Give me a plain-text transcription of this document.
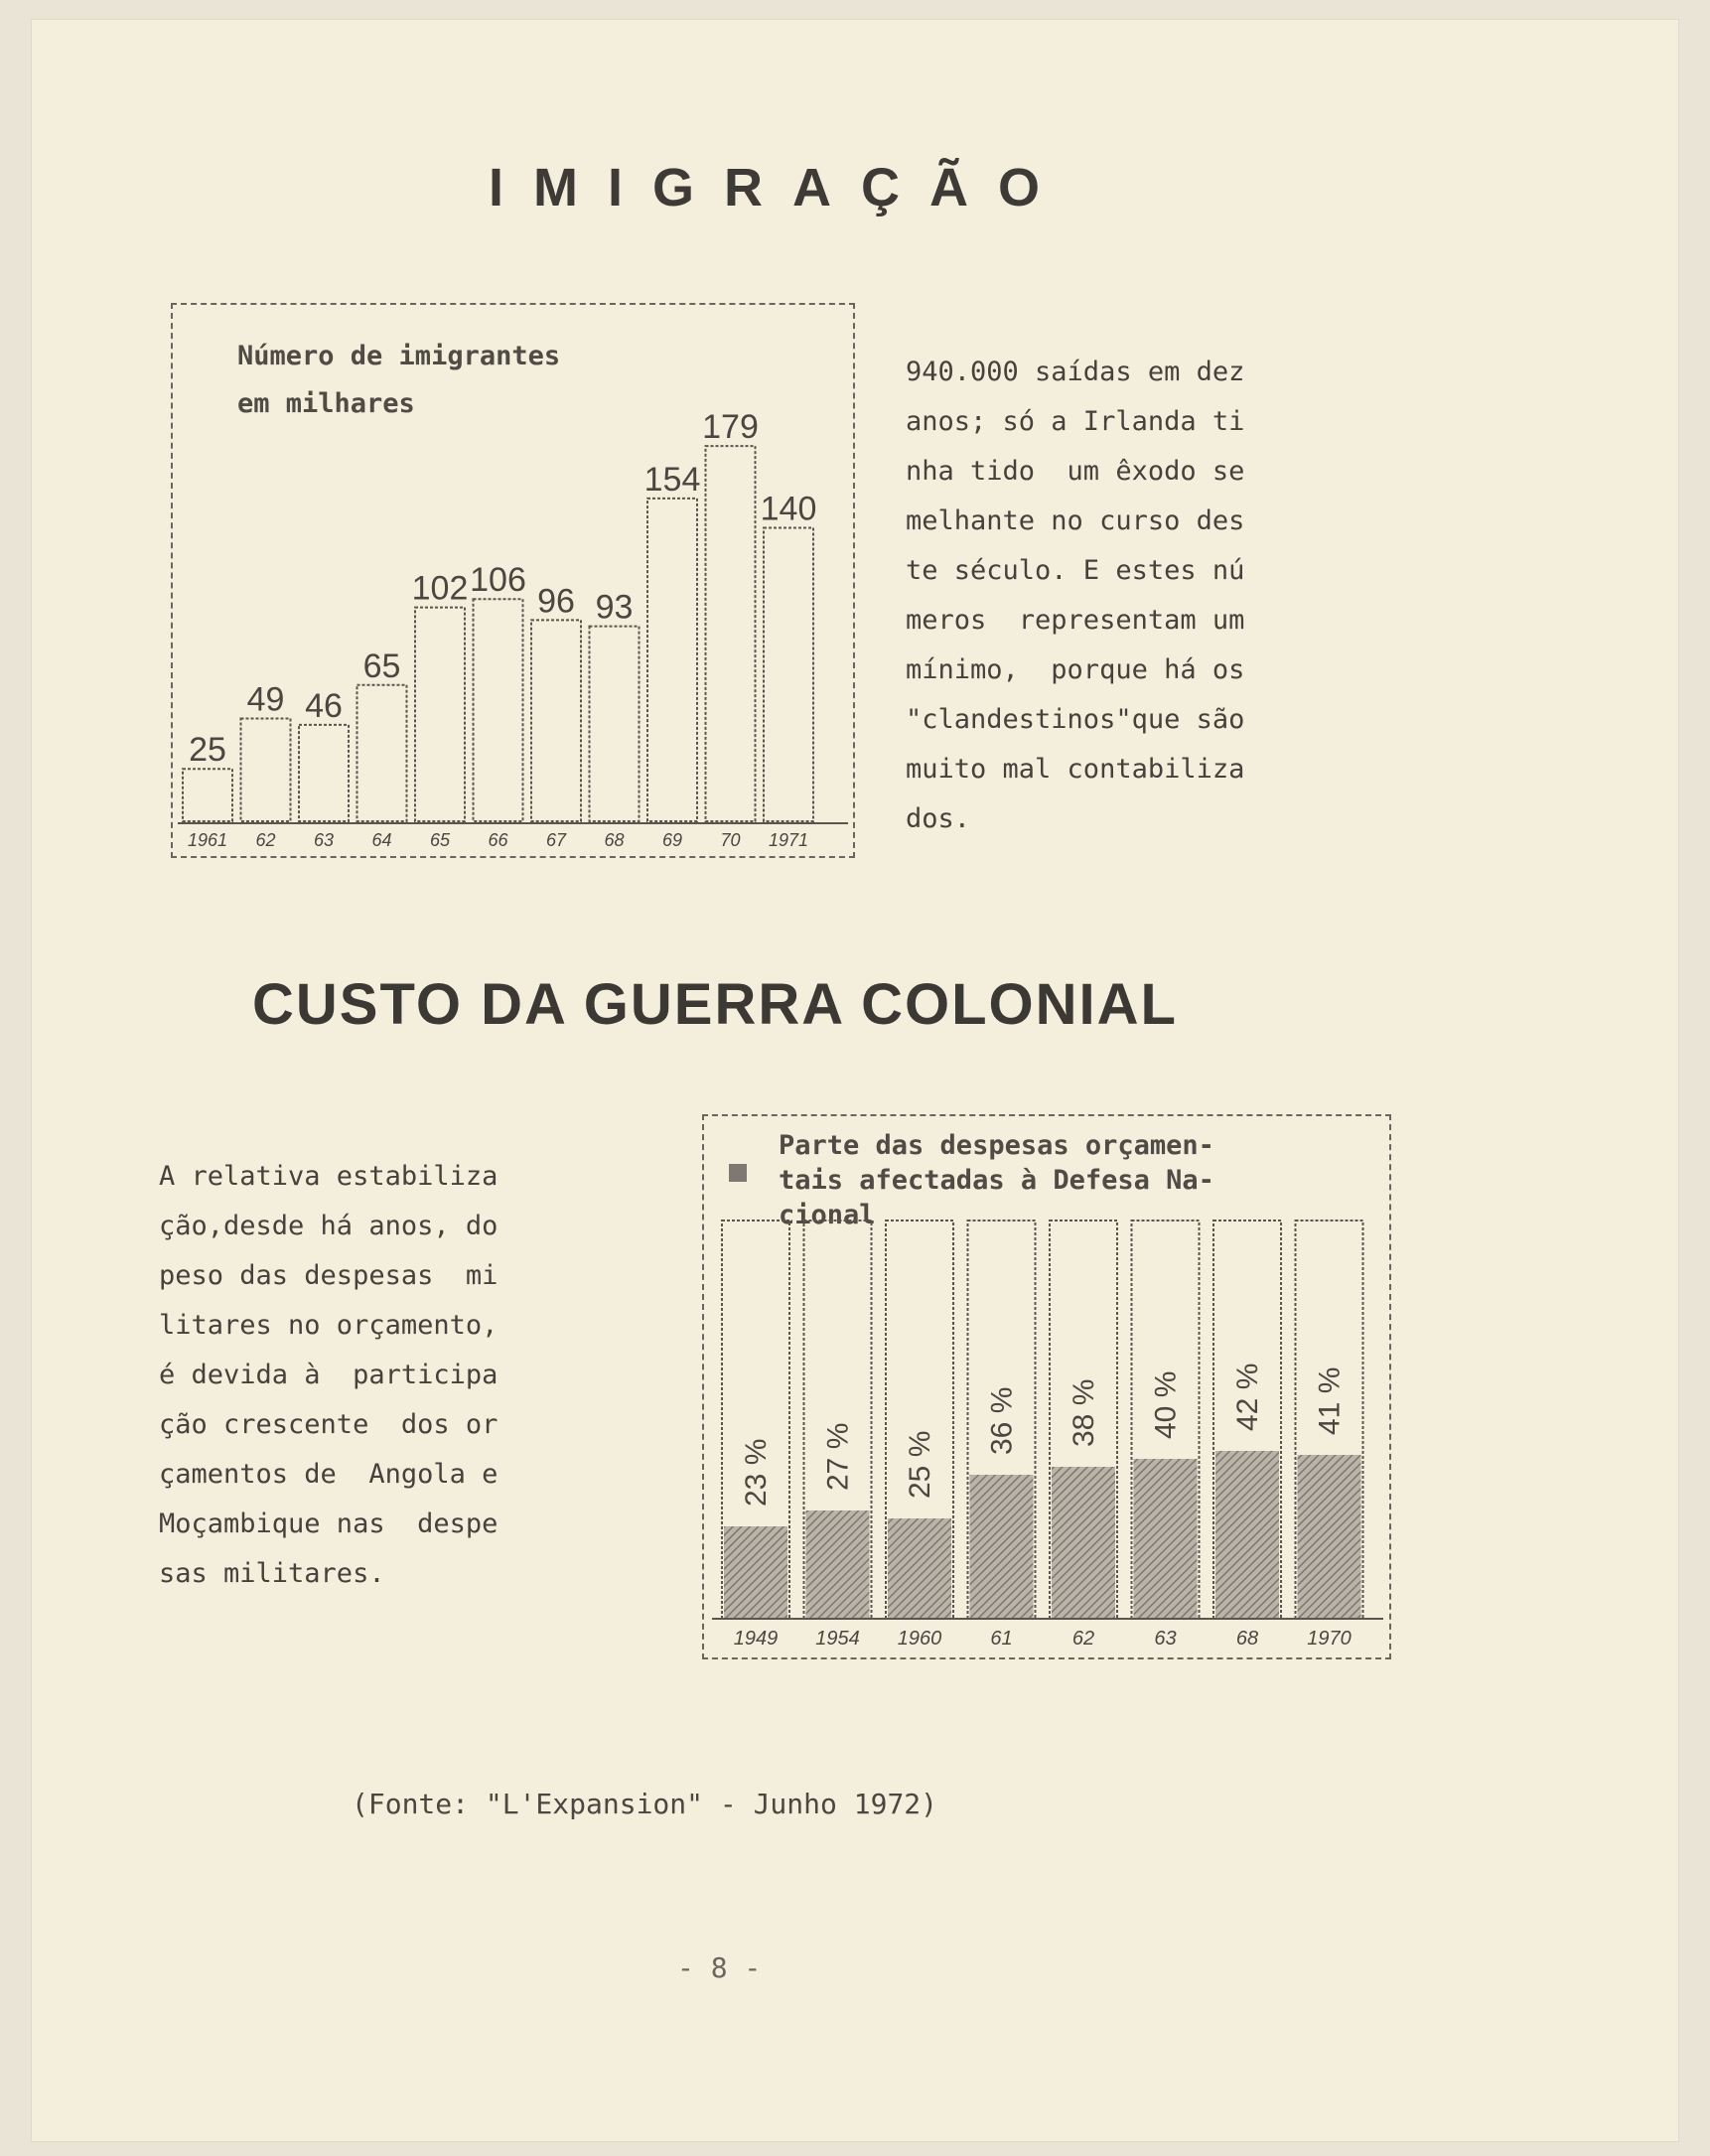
IMIGRAÇÃO
Número de imigrantes
em milhares
25
1961
49
62
46
63
65
64
102
65
106
66
96
67
93
68
154
69
179
70
140
1971
940.000 saídas em dez
anos; só a Irlanda ti
nha tido  um êxodo se
melhante no curso des
te século. E estes nú
meros  representam um
mínimo,  porque há os
"clandestinos"que são
muito mal contabiliza
dos.
CUSTO DA GUERRA COLONIAL
A relativa estabiliza
ção,desde há anos, do
peso das despesas  mi
litares no orçamento,
é devida à  participa
ção crescente  dos or
çamentos de  Angola e
Moçambique nas  despe
sas militares.
Parte das despesas orçamen-
tais afectadas à Defesa Na-
cional
23 %
1949
27 %
1954
25 %
1960
36 %
61
38 %
62
40 %
63
42 %
68
41 %
1970
(Fonte: "L'Expansion" - Junho 1972)
- 8 -
